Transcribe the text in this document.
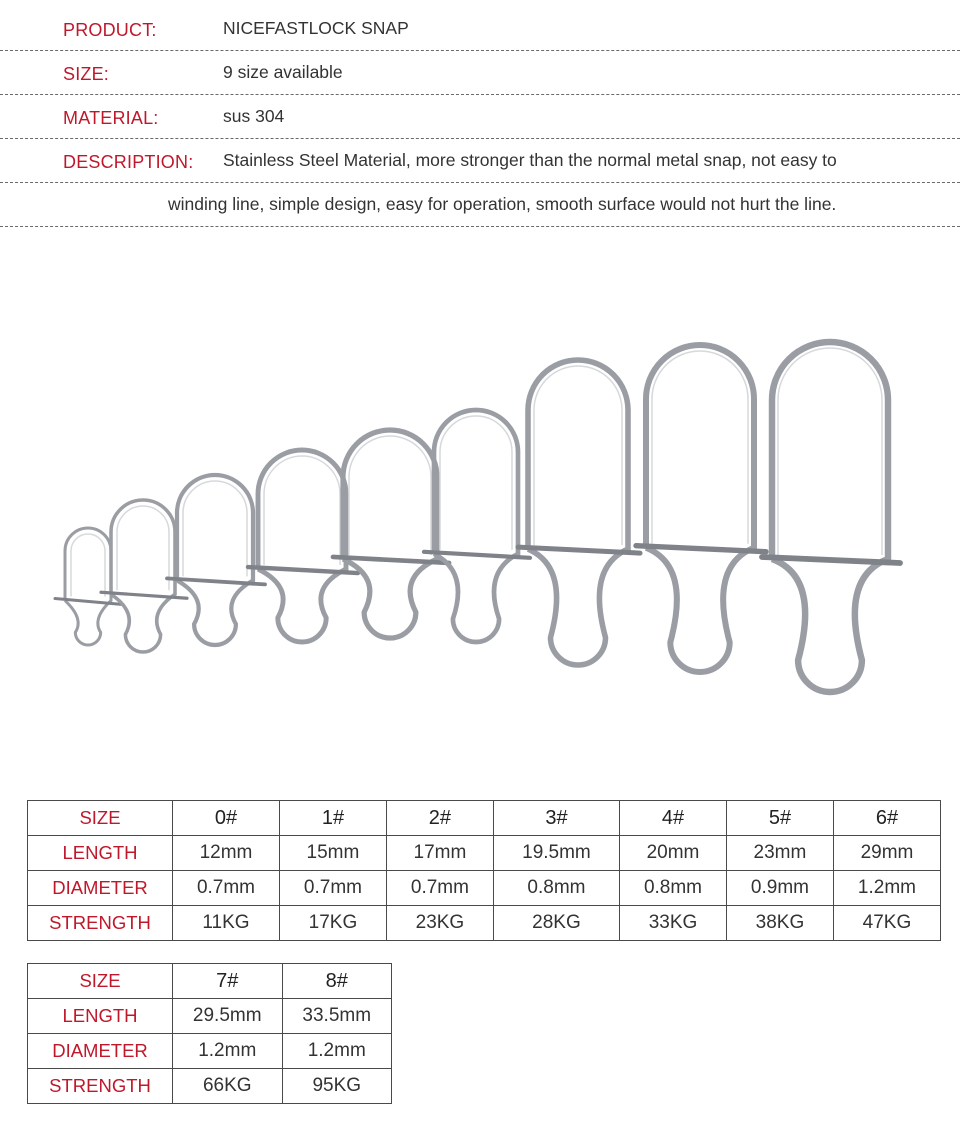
PRODUCT:	NICEFASTLOCK SNAP
SIZE:	9 size available
MATERIAL:	sus 304
DESCRIPTION: Stainless Steel Material, more stronger than the normal metal snap, not easy to
winding line, simple design, easy for operation, smooth surface would not hurt the line.
SIZE	0#	1#	2#	3#	4#	5#	6#
LENGTH	12mm	15mm	17mm	19.5mm	20mm	23mm	29mm
DIAMETER	0.7mm	0.7mm	0.7mm	0.8mm	0.8mm	0.9mm	1.2mm
STRENGTH	11KG	17KG	23KG	28KG	33KG	38KG	47KG
SIZE	7#	8#
LENGTH	29.5mm	33.5mm
DIAMETER	1.2mm	1.2mm
STRENGTH	66KG	95KG
